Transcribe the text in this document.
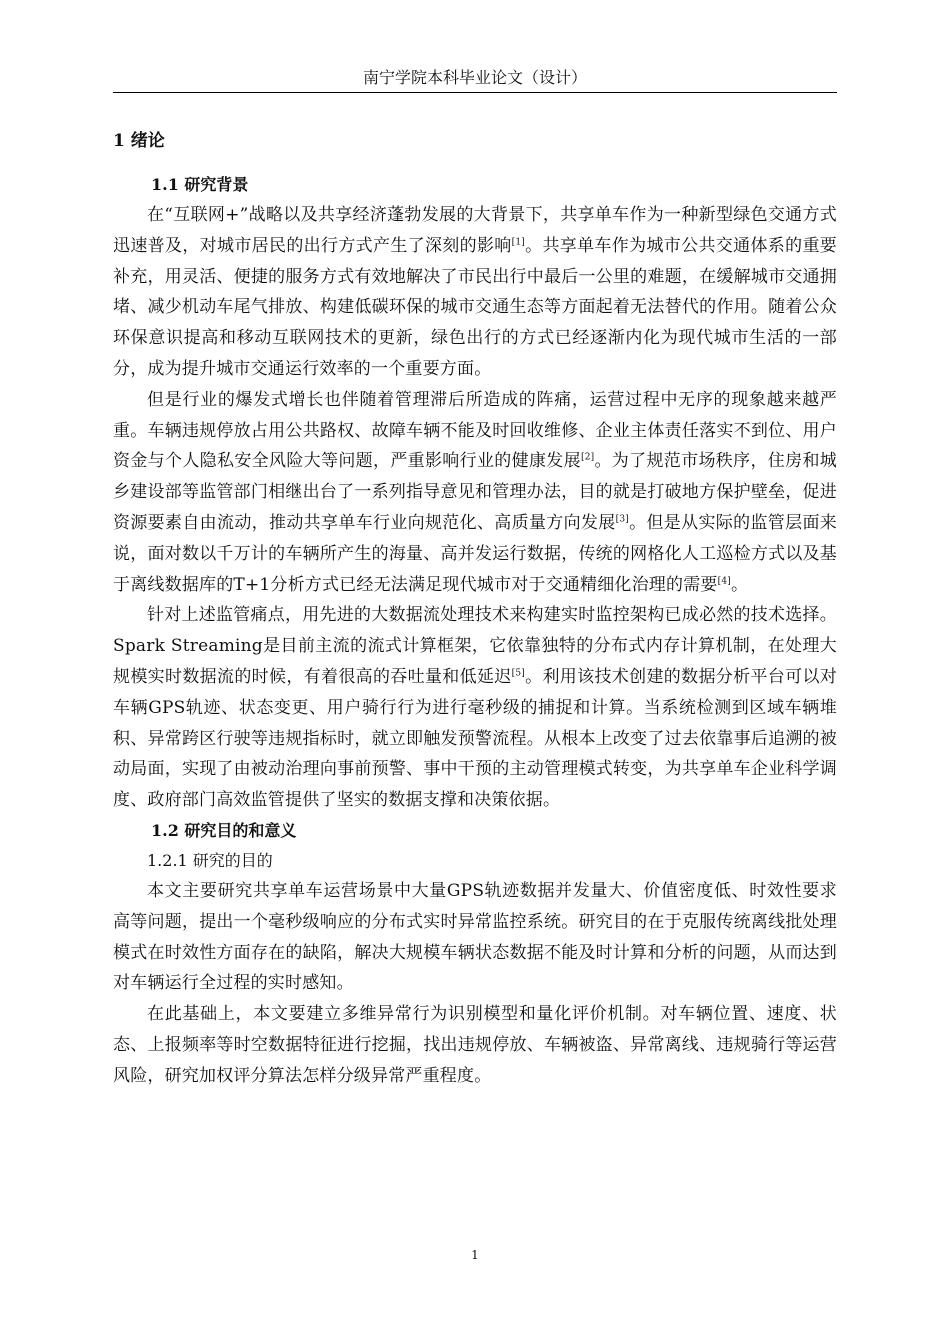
南宁学院本科毕业论文（设计）
1 绪论
1.1 研究背景

在“互联网+”战略以及共享经济蓬勃发展的大背景下，共享单车作为一种新型绿色交通方式迅速普及，对城市居民的出行方式产生了深刻的影响[1]。共享单车作为城市公共交通体系的重要补充，用灵活、便捷的服务方式有效地解决了市民出行中最后一公里的难题，在缓解城市交通拥堵、减少机动车尾气排放、构建低碳环保的城市交通生态等方面起着无法替代的作用。随着公众环保意识提高和移动互联网技术的更新，绿色出行的方式已经逐渐内化为现代城市生活的一部分，成为提升城市交通运行效率的一个重要方面。

但是行业的爆发式增长也伴随着管理滞后所造成的阵痛，运营过程中无序的现象越来越严重。车辆违规停放占用公共路权、故障车辆不能及时回收维修、企业主体责任落实不到位、用户资金与个人隐私安全风险大等问题，严重影响行业的健康发展[2]。为了规范市场秩序，住房和城乡建设部等监管部门相继出台了一系列指导意见和管理办法，目的就是打破地方保护壁垒，促进资源要素自由流动，推动共享单车行业向规范化、高质量方向发展[3]。但是从实际的监管层面来说，面对数以千万计的车辆所产生的海量、高并发运行数据，传统的网格化人工巡检方式以及基于离线数据库的T+1分析方式已经无法满足现代城市对于交通精细化治理的需要[4]。

针对上述监管痛点，用先进的大数据流处理技术来构建实时监控架构已成必然的技术选择。Spark Streaming是目前主流的流式计算框架，它依靠独特的分布式内存计算机制，在处理大规模实时数据流的时候，有着很高的吞吐量和低延迟[5]。利用该技术创建的数据分析平台可以对车辆GPS轨迹、状态变更、用户骑行行为进行毫秒级的捕捉和计算。当系统检测到区域车辆堆积、异常跨区行驶等违规指标时，就立即触发预警流程。从根本上改变了过去依靠事后追溯的被动局面，实现了由被动治理向事前预警、事中干预的主动管理模式转变，为共享单车企业科学调度、政府部门高效监管提供了坚实的数据支撑和决策依据。

1.2 研究目的和意义
1.2.1 研究的目的

本文主要研究共享单车运营场景中大量GPS轨迹数据并发量大、价值密度低、时效性要求高等问题，提出一个毫秒级响应的分布式实时异常监控系统。研究目的在于克服传统离线批处理模式在时效性方面存在的缺陷，解决大规模车辆状态数据不能及时计算和分析的问题，从而达到对车辆运行全过程的实时感知。

在此基础上，本文要建立多维异常行为识别模型和量化评价机制。对车辆位置、速度、状态、上报频率等时空数据特征进行挖掘，找出违规停放、车辆被盗、异常离线、违规骑行等运营风险，研究加权评分算法怎样分级异常严重程度。

1
